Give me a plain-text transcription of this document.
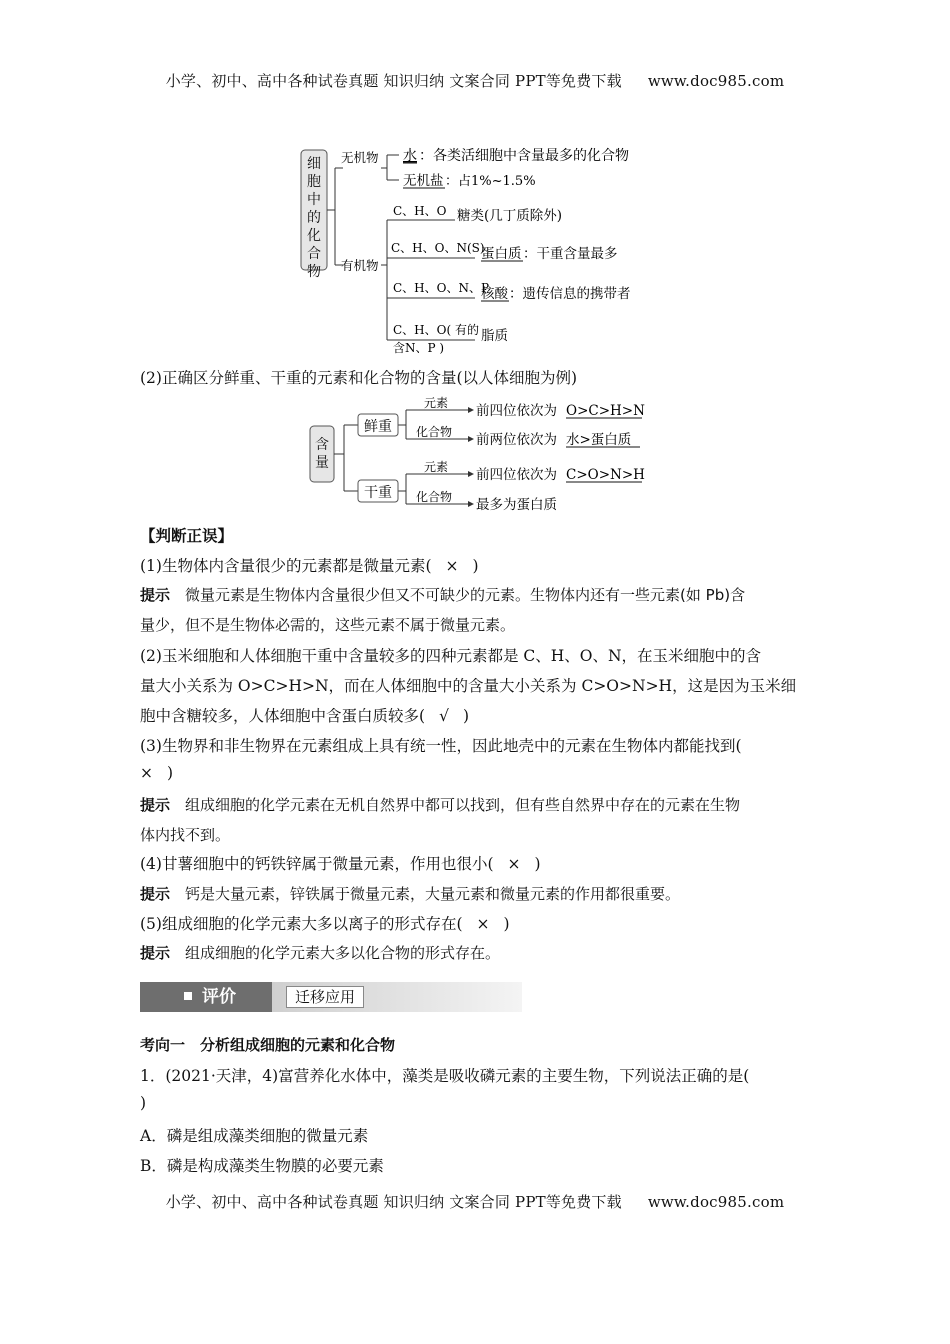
小学、初中、高中各种试卷真题 知识归纳 文案合同 PPT等免费下载 www.doc985.com
细胞中的化合物
无机物
有机物
水 ：各类活细胞中含量最多的化合物
无机盐 ：占1%~1.5%
C、H、O 糖类(几丁质除外)
C、H、O、N(S)
蛋白质 ：干重含量最多
C、H、O、N、P
核酸 ：遗传信息的携带者
C、H、O( 有的
含N、P )
脂质
(2)正确区分鲜重、干重的元素和化合物的含量(以人体细胞为例)
含量
鲜重
干重
元素
化合物
元素
化合物
前四位依次为 O>C>H>N
前两位依次为 水>蛋白质
前四位依次为 C>O>N>H
最多为蛋白质
【判断正误】
(1)生物体内含量很少的元素都是微量元素( × )
提示　 微量元素是生物体内含量很少但又不可缺少的元素。生物体内还有一些元素(如 Pb)含
量少，但不是生物体必需的，这些元素不属于微量元素。
(2)玉米细胞和人体细胞干重中含量较多的四种元素都是 C、H、O、N，在玉米细胞中的含
量大小关系为 O>C>H>N，而在人体细胞中的含量大小关系为 C>O>N>H，这是因为玉米细
胞中含糖较多，人体细胞中含蛋白质较多( √ )
(3)生物界和非生物界在元素组成上具有统一性，因此地壳中的元素在生物体内都能找到(
× )
提示　 组成细胞的化学元素在无机自然界中都可以找到，但有些自然界中存在的元素在生物
体内找不到。
(4)甘薯细胞中的钙铁锌属于微量元素，作用也很小( × )
提示　 钙是大量元素，锌铁属于微量元素，大量元素和微量元素的作用都很重要。
(5)组成细胞的化学元素大多以离子的形式存在( × )
提示　 组成细胞的化学元素大多以化合物的形式存在。
评价	迁移应用
考向一　分析组成细胞的元素和化合物
1．(2021·天津，4)富营养化水体中，藻类是吸收磷元素的主要生物，下列说法正确的是(
)
A．磷是组成藻类细胞的微量元素
B．磷是构成藻类生物膜的必要元素
小学、初中、高中各种试卷真题 知识归纳 文案合同 PPT等免费下载 www.doc985.com
